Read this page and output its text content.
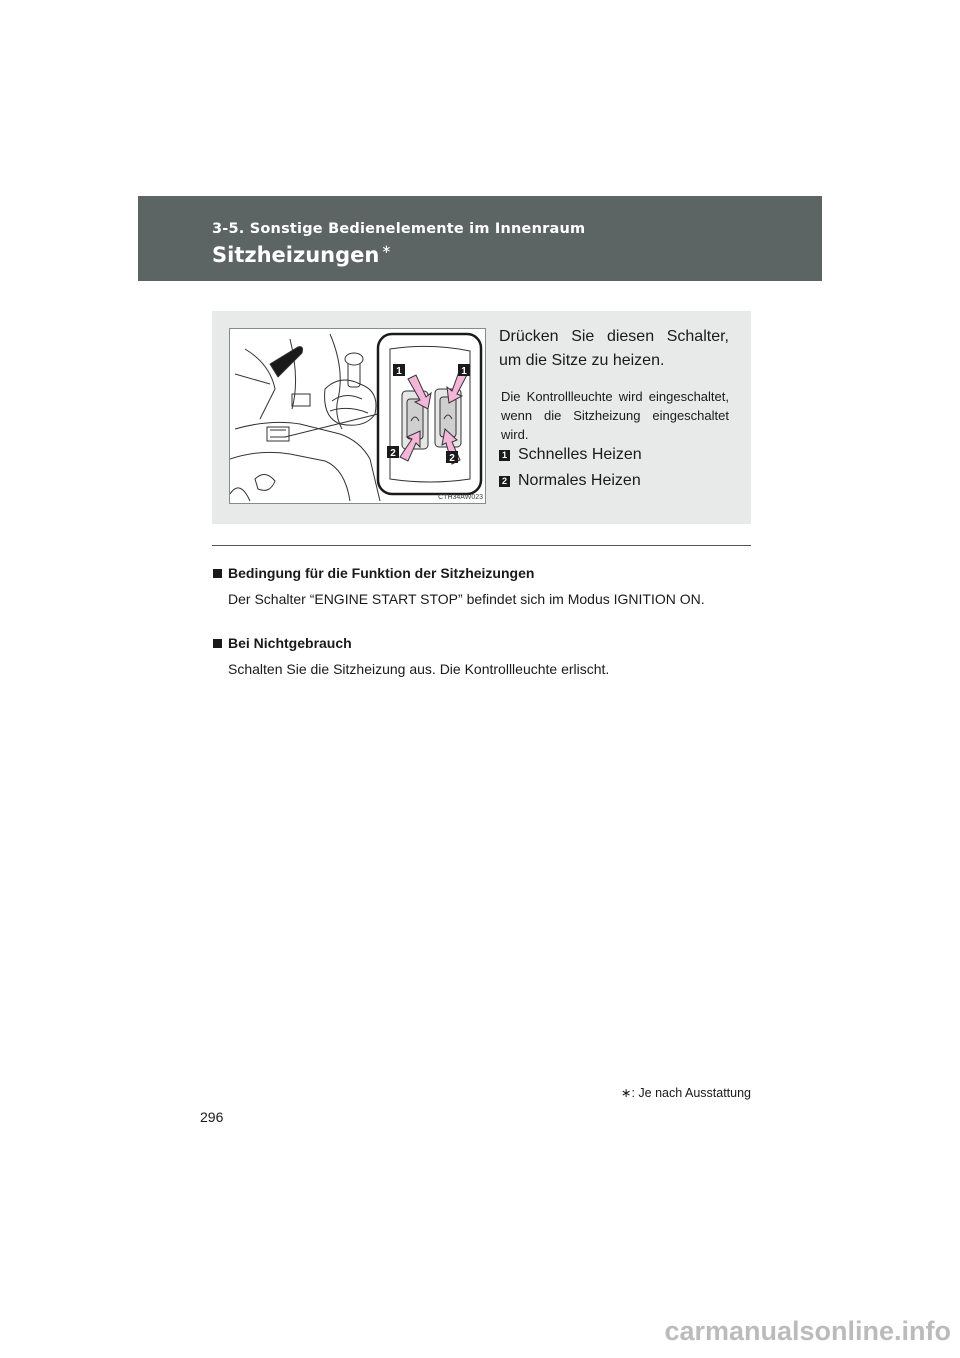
3-5. Sonstige Bedienelemente im Innenraum
Sitzheizungen ∗
1	1
2	2
CTH34AW023
Drücken Sie diesen Schalter, um die Sitze zu heizen.
Die Kontrollleuchte wird eingeschaltet, wenn die Sitzheizung eingeschaltet wird.
1 Schnelles Heizen
2 Normales Heizen
Bedingung für die Funktion der Sitzheizungen
Der Schalter “ENGINE START STOP” befindet sich im Modus IGNITION ON.
Bei Nichtgebrauch
Schalten Sie die Sitzheizung aus. Die Kontrollleuchte erlischt.
∗: Je nach Ausstattung
296
carmanualsonline.info
